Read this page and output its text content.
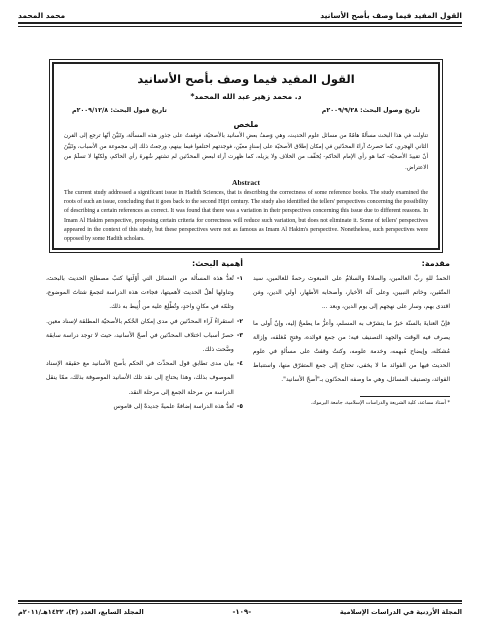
القول المفيد فيما وصف بأصح الأسانيد
محمد المحمد
القول المفيد فيما وصف بأصح الأسانيد
د. محمد زهير عبد الله المحمد*
تاريخ وصول البحث: ٢٠٠٩/٩/٢٨م
تاريخ قبول البحث: ٢٠٠٩/١٢/٨م
ملخص
تناولت في هذا البحث مسألةً هامّةً من مسائل علوم الحديث، وهي وَصفُ بعضِ الأسانيد بالأصحيّة، فوقفتُ على جذور هذه المسألة، وتَبَيَّنَ أنّها ترجع إلى القرن الثاني الهجري، كما حصرتُ آراءَ المحدّثين في إمكان إطلاق الأصحيّة على إسنادٍ معيّن، فوجدتهم اختلفوا فيما بينهم، ورجعتُ ذلك إلى مجموعة من الأسباب، وتَبَيَّنَ أنّ تقييدَ الأصحيّة- كما هو رأي الإمام الحاكم- يُخفِّف من الخلاف ولا يزيله، كما ظهرت آراء لبعض المحدّثين لم تشتهر شُهرةَ رأي الحاكم، ولكنّها لا تسلَمُ من الاعتراض.
Abstract
The current study addressed a significant issue in Hadith Sciences, that is describing the correctness of some reference books. The study examined the roots of such an issue, concluding that it goes back to the second Hijri century. The study also identified the tellers' perspectives concerning the possibility of describing a certain references as correct. It was found that there was a variation in their perspectives concerning this issue due to different reasons. In Imam Al Hakim perspective, proposing certain criteria for correctness will reduce such variation, but does not eliminate it. Some of tellers' perspectives appeared in the context of this study, but these perspectives were not as famous as Imam Al Hakim's perspective. Nonetheless, such perspectives were opposed by some Hadith scholars.
مقدمة:

الحمدُ للهِ ربِّ العالمين، والصلاةُ والسلامُ على المبعوث رحمةً للعالمين، سيد المتّقين، وخاتم النبيين، وعلى آله الأخيار، وأصحابه الأطهار، أولي الدين، ومَن اقتدى بهم، وسار على نهجهم إلى يوم الدين، وبعد ...

فإنّ العنايةَ بالسنّة خيرُ ما يتشرّف به المسلم، وأعزُّ ما يطمحُ إليه، وإنّ أَولى ما يصرف فيه الوقت والجهد التصنيف فيه: من جمع فوائده، وفتحِ مُغلقه، وإزالة مُشكله، وإيضاح مُبهمه، وخدمة علومه، وكنتُ وقفتُ على مسألةٍ في علوم الحديث فيها من الفوائد ما لا يخفى، تحتاج إلى جمع المتفرّق منها، واستنباط الفوائد، وتصنيف المسائل، وهي ما وصفه المحدّثون بـ"أصحّ الأسانيد".

* أستاذ مساعد، كلية الشريعة والدراسات الإسلامية، جامعة اليرموك.
أهمية البحث:
١-
تُعدُّ هذه المسألة من المسائل التي أَوْلَتها كتبُ مصطلح الحديث بالبحث، وتناولها أهلُ الحديث لأهميتها، فجاءت هذه الدراسة لتجمعَ شتاتَ الموضوع، وتلمّه في مكانٍ واحدٍ، وتُطْلِع عليه من أُنِيط به ذلك.
٢-
استقراءُ آراء المحدّثين في مدى إمكان الحُكم بالأصحيّة المطلقة لإسناد معين.
٣-
حصرُ أسباب اختلاف المحدّثين في أصحّ الأسانيد، حيث لا توجد دراسة سابقة وضَّحت ذلك.
٤-
بيان مدى تطابق قول المحدِّث في الحكم بأصح الأسانيد مع حقيقة الإسناد الموصوف بذلك، وهذا يحتاج إلى نقد تلك الأسانيد الموصوفة بذلك، ممّا ينقل الدراسة من مرحلة الجمع إلى مرحلة النقد.
٥-
تُعدُّ هذه الدراسة إضافةً علميةً جديدةً إلى قاموس
المجلة الأردنية في الدراسات الإسلامية
-١٠٩-
المجلد السابع، العدد (٣)، ١٤٣٢هـ/٢٠١١م
